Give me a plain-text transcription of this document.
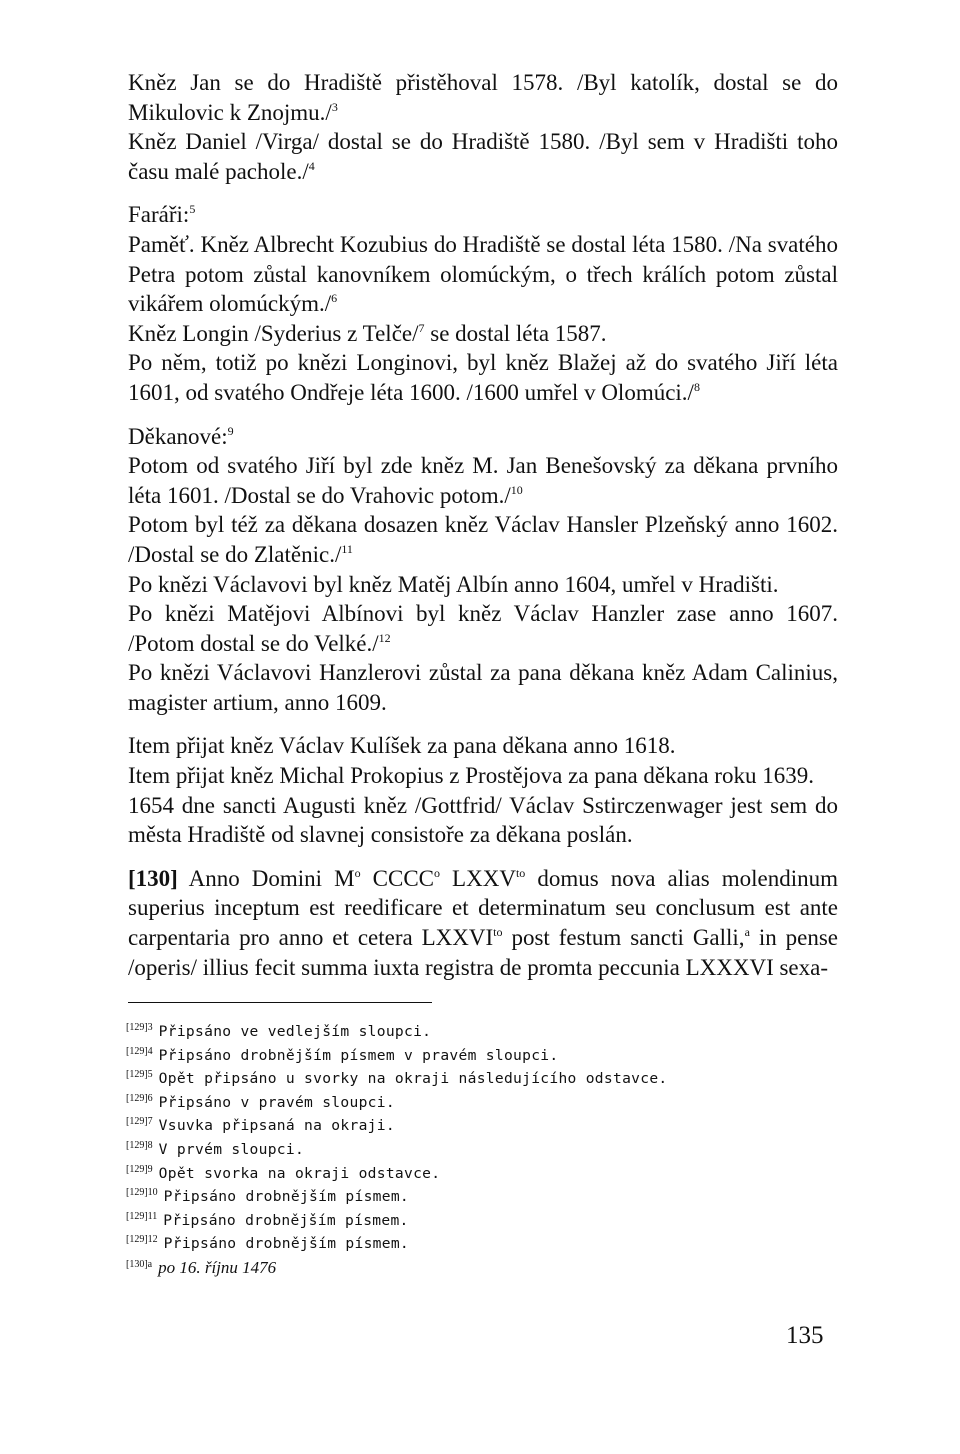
Kněz Jan se do Hradiště přistěhoval 1578. /Byl katolík, dostal se do Mikulovic k Znojmu./$^3$

Kněz Daniel /Virga/ dostal se do Hradiště 1580. /Byl sem v Hradišti toho času malé pachole./$^4$

Faráři:$^5$

Paměť. Kněz Albrecht Kozubius do Hradiště se dostal léta 1580. /Na svatého Petra potom zůstal kanovníkem olomúckým, o třech králích potom zůstal vikářem olomúckým./$^6$

Kněz Longin /Syderius z Telče/$^7$ se dostal léta 1587.

Po něm, totiž po knězi Longinovi, byl kněz Blažej až do svatého Jiří léta 1601, od svatého Ondřeje léta 1600. /1600 umřel v Olomúci./$^8$

Děkanové:$^9$

Potom od svatého Jiří byl zde kněz M. Jan Benešovský za děkana prvního léta 1601. /Dostal se do Vrahovic potom./$^{10}$

Potom byl též za děkana dosazen kněz Václav Hansler Plzeňský anno 1602. /Dostal se do Zlatěnic./$^{11}$

Po knězi Václavovi byl kněz Matěj Albín anno 1604, umřel v Hradišti.

Po knězi Matějovi Albínovi byl kněz Václav Hanzler zase anno 1607. /Potom dostal se do Velké./$^{12}$

Po knězi Václavovi Hanzlerovi zůstal za pana děkana kněz Adam Calinius, magister artium, anno 1609.

Item přijat kněz Václav Kulíšek za pana děkana anno 1618.

Item přijat kněz Michal Prokopius z Prostějova za pana děkana roku 1639.

1654 dne sancti Augusti kněz /Gottfrid/ Václav Sstirczenwager jest sem do města Hradiště od slavnej consistoře za děkana poslán.

[130] Anno Domini $M^o$ CCCC$^o$ $LXXV^{to}$ domus nova alias molendinum superius inceptum est reedificare et determinatum seu conclusum est ante carpentaria pro anno et cetera $LXXVI^{to}$ post festum sancti Galli,$^a$ in pense /operis/ illius fecit summa iuxta registra de promta peccunia LXXXVI sexa-

$^{[129]3}$ Připsáno ve vedlejším sloupci.
$^{[129]4}$ Připsáno drobnějším písmem v pravém sloupci.
$^{[129]5}$ Opět připsáno u svorky na okraji následujícího odstavce.
$^{[129]6}$ Připsáno v pravém sloupci.
$^{[129]7}$ Vsuvka připsaná na okraji.
$^{[129]8}$ V prvém sloupci.
$^{[129]9}$ Opět svorka na okraji odstavce.
$^{[129]10}$ Připsáno drobnějším písmem.
$^{[129]11}$ Připsáno drobnějším písmem.
$^{[129]12}$ Připsáno drobnějším písmem.
$^{[130]a}$ po 16. říjnu 1476
135
